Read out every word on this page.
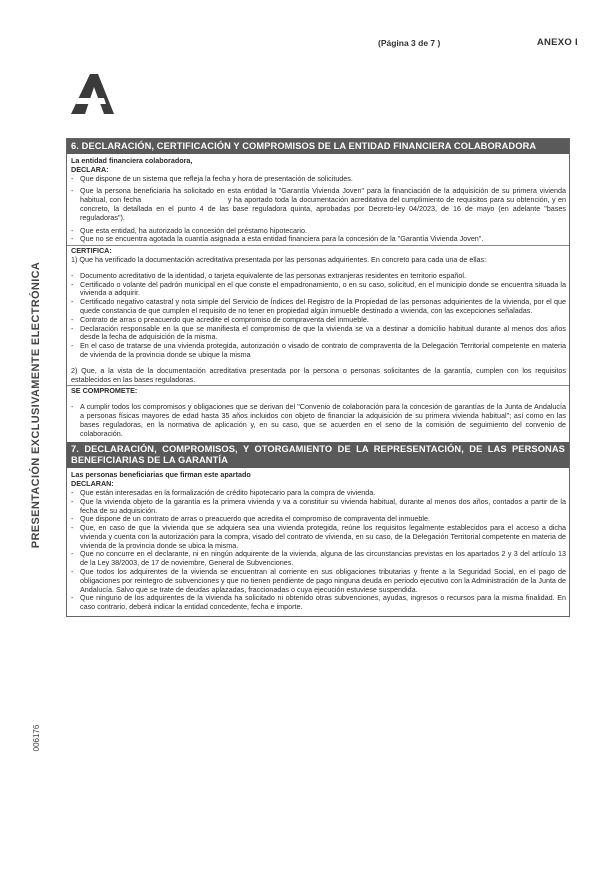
(Página 3 de 7 )	ANEXO I
PRESENTACIÓN EXCLUSIVAMENTE ELECTRÓNICA
006176
6. DECLARACIÓN, CERTIFICACIÓN Y COMPROMISOS DE LA ENTIDAD FINANCIERA COLABORADORA

La entidad financiera colaboradora,

DECLARA:

- Que dispone de un sistema que refleja la fecha y hora de presentación de solicitudes.

- Que la persona beneficiaria ha solicitado en esta entidad la "Garantía Vivienda Joven" para la financiación de la adquisición de su primera vivienda habitual, con fecha	y ha aportado toda la documentación acreditativa del cumplimiento de requisitos para su obtención, y en concreto, la detallada en el punto 4 de las base reguladora quinta, aprobadas por Decreto-ley 04/2023, de 16 de mayo (en adelante "bases reguladoras").

- Que esta entidad, ha autorizado la concesión del préstamo hipotecario.

- Que no se encuentra agotada la cuantía asignada a esta entidad financiera para la concesión de la "Garantía Vivienda Joven".

CERTIFICA:

1) Que ha verificado la documentación acreditativa presentada por las personas adquirientes. En concreto para cada una de ellas:

- Documento acreditativo de la identidad, o tarjeta equivalente de las personas extranjeras residentes en territorio español.

- Certificado o volante del padrón municipal en el que conste el empadronamiento, o en su caso, solicitud, en el municipio donde se encuentra situada la vivienda a adquirir.

- Certificado negativo catastral y nota simple del Servicio de Índices del Registro de la Propiedad de las personas adquirientes de la vivienda, por el que quede constancia de que cumplen el requisito de no tener en propiedad algún inmueble destinado a vivienda, con las excepciones señaladas.

- Contrato de arras o preacuerdo que acredite el compromiso de compraventa del inmueble.

- Declaración responsable en la que se manifiesta el compromiso de que la vivienda se va a destinar a domicilio habitual durante al menos dos años desde la fecha de adquisición de la misma.

- En el caso de tratarse de una vivienda protegida, autorización o visado de contrato de compraventa de la Delegación Territorial competente en materia de vivienda de la provincia donde se ubique la misma

2) Que, a la vista de la documentación acreditativa presentada por la persona o personas solicitantes de la garantía, cumplen con los requisitos establecidos en las bases reguladoras.

SE COMPROMETE:

- A cumplir todos los compromisos y obligaciones que se derivan del "Convenio de colaboración para la concesión de garantías de la Junta de Andalucía a personas físicas mayores de edad hasta 35 años incluidos con objeto de financiar la adquisición de su primera vivienda habitual"; así como en las bases reguladoras, en la normativa de aplicación y, en su caso, que se acuerden en el seno de la comisión de seguimiento del convenio de colaboración.

7. DECLARACIÓN, COMPROMISOS, Y OTORGAMIENTO DE LA REPRESENTACIÓN, DE LAS PERSONAS BENEFICIARIAS DE LA GARANTÍA

Las personas beneficiarias que firman este apartado

DECLARAN:

- Que están interesadas en la formalización de crédito hipotecario para la compra de vivienda.

- Que la vivienda objeto de la garantía es la primera vivienda y va a constituir su vivienda habitual, durante al menos dos años, contados a partir de la fecha de su adquisición.

- Que dispone de un contrato de arras o preacuerdo que acredita el compromiso de compraventa del inmueble.

- Que, en caso de que la vivienda que se adquiera sea una vivienda protegida, reúne los requisitos legalmente establecidos para el acceso a dicha vivienda y cuenta con la autorización para la compra, visado del contrato de vivienda, en su caso, de la Delegación Territorial competente en materia de vivienda de la provincia donde se ubica la misma.

- Que no concurre en el declarante, ni en ningún adquirente de la vivienda, alguna de las circunstancias previstas en los apartados 2 y 3 del artículo 13 de la Ley 38/2003, de 17 de noviembre, General de Subvenciones.

- Que todos los adquirentes de la vivienda se encuentran al corriente en sus obligaciones tributarias y frente a la Seguridad Social, en el pago de obligaciones por reintegro de subvenciones y que no tienen pendiente de pago ninguna deuda en periodo ejecutivo con la Administración de la Junta de Andalucía. Salvo que se trate de deudas aplazadas, fraccionadas o cuya ejecución estuviese suspendida.

- Que ninguno de los adquirentes de la vivienda ha solicitado ni obtenido otras subvenciones, ayudas, ingresos o recursos para la misma finalidad. En caso contrario, deberá indicar la entidad concedente, fecha e importe.
